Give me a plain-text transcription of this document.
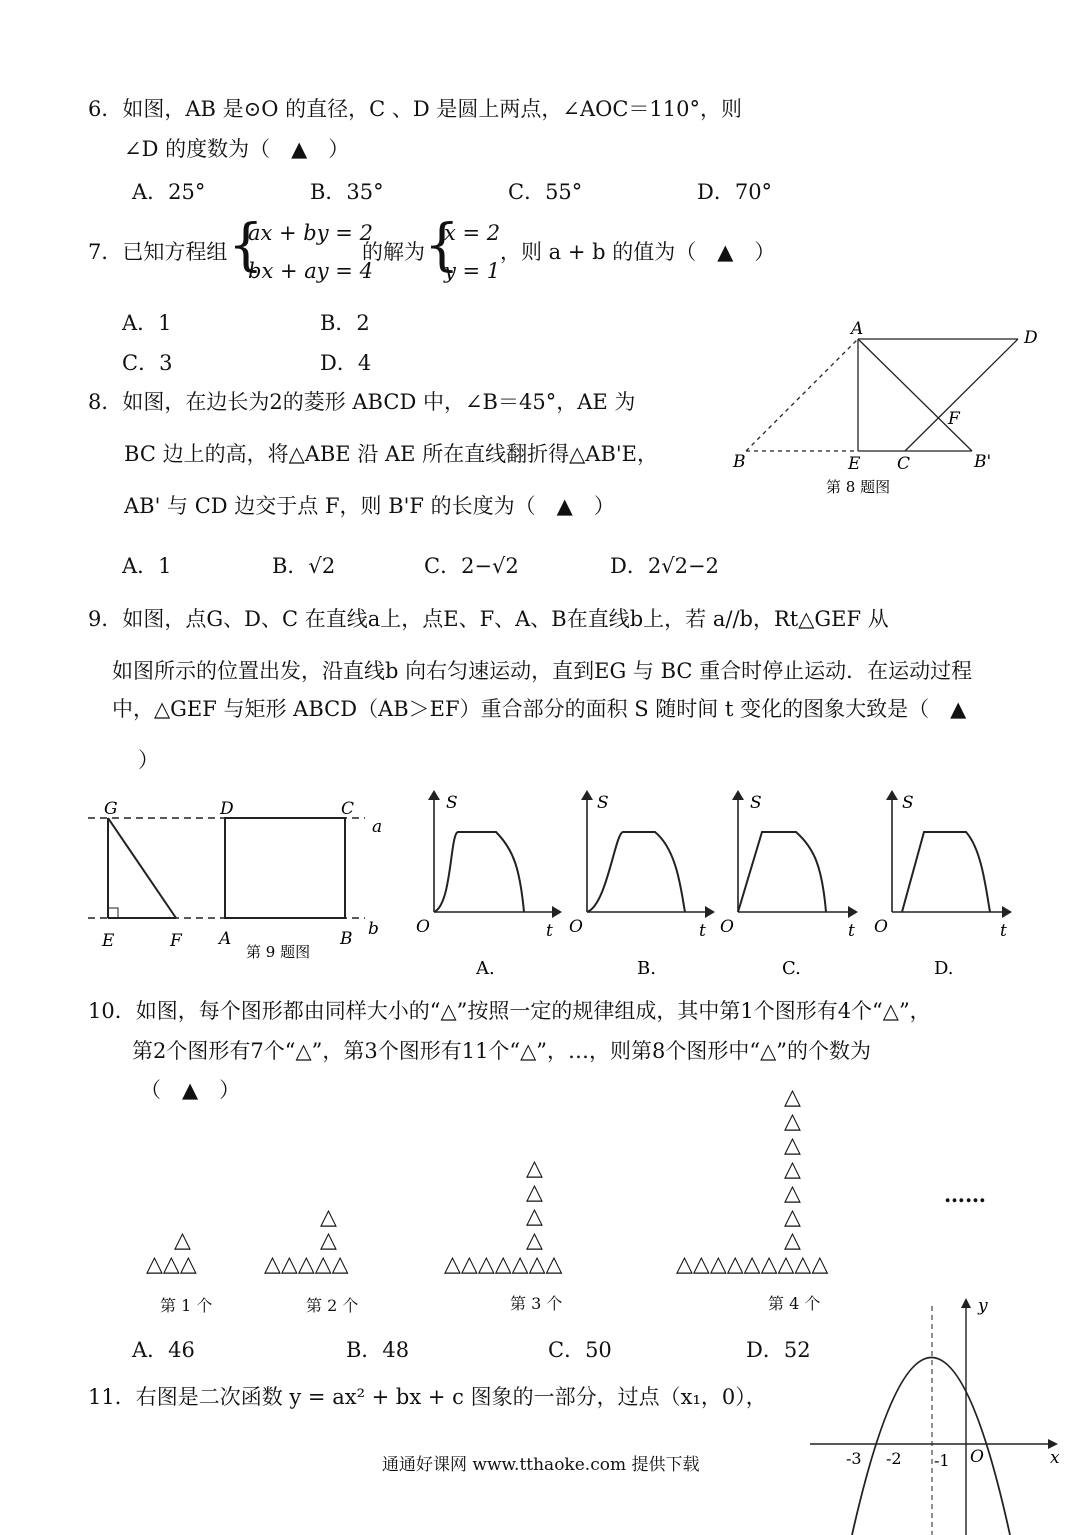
6．如图，AB 是⊙O 的直径，C 、D 是圆上两点，∠AOC＝110°，则
∠D 的度数为（　▲　）
A．25°	B．35°	C．55°	D．70°
7．已知方程组 {
ax + by = 2
bx + ay = 4
的解为 {
x = 2
y = 1
，则 a + b 的值为（　▲　）
A．1	B．2
C．3	D．4
8．如图，在边长为2的菱形 ABCD 中，∠B＝45°，AE 为
BC 边上的高，将△ABE 沿 AE 所在直线翻折得△AB'E，
AB' 与 CD 边交于点 F，则 B'F 的长度为（　▲　）
A．1	B．√2	C．2−√2	D．2√2−2
A	D
B	E C	B'
F
第 8 题图
9．如图，点G、D、C 在直线a上，点E、F、A、B在直线b上，若 a//b，Rt△GEF 从
如图所示的位置出发，沿直线b 向右匀速运动，直到EG 与 BC 重合时停止运动．在运动过程
中，△GEF 与矩形 ABCD（AB＞EF）重合部分的面积 S 随时间 t 变化的图象大致是（　▲
）
G	D	C
a
E	F A	B b
第 9 题图
S
O	t
A.
S
O	t
B.
S
O	t
C.
S
O	t
D.
10．如图，每个图形都由同样大小的“△”按照一定的规律组成，其中第1个图形有4个“△”，
第2个图形有7个“△”，第3个图形有11个“△”，…，则第8个图形中“△”的个数为
（　▲　）
△
△△△
第 1 个
△
△
△△△△△
第 2 个
△
△
△
△
△△△△△△△
第 3 个
△
△
△
△
△
△
△
△△△△△△△△△
第 4 个
……
A．46	B．48	C．50	D．52
11．右图是二次函数 y = ax² + bx + c 图象的一部分，过点（x₁，0），
y
x
O
-3 -2 -1
通通好课网 www.tthaoke.com 提供下载
